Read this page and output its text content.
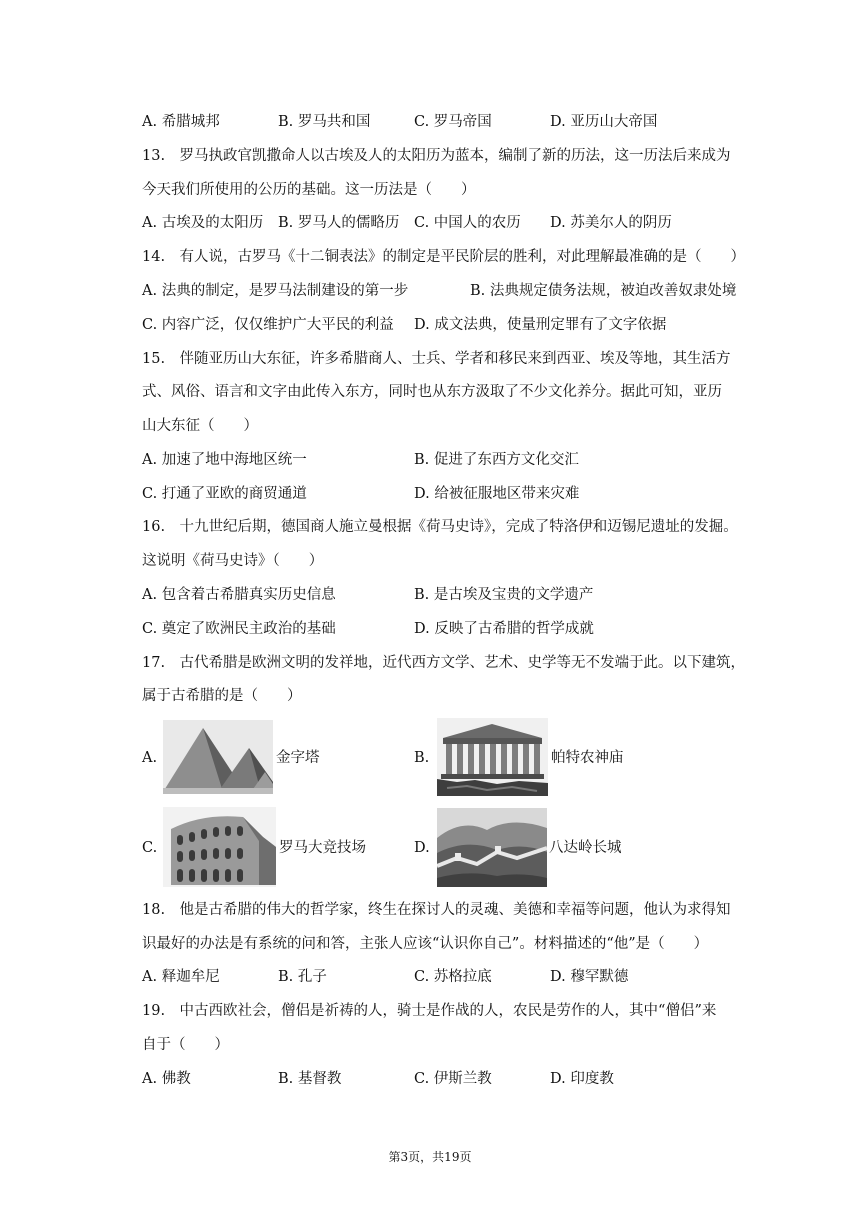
A. 希腊城邦	B. 罗马共和国	C. 罗马帝国	D. 亚历山大帝国
13.　罗马执政官凯撒命人以古埃及人的太阳历为蓝本，编制了新的历法，这一历法后来成为
今天我们所使用的公历的基础。这一历法是（　　）
A. 古埃及的太阳历 B. 罗马人的儒略历 C. 中国人的农历 D. 苏美尔人的阴历
14.　有人说，古罗马《十二铜表法》的制定是平民阶层的胜利，对此理解最准确的是（　　）
A. 法典的制定，是罗马法制建设的第一步	B. 法典规定债务法规，被迫改善奴隶处境
C. 内容广泛，仅仅维护广大平民的利益 D. 成文法典，使量刑定罪有了文字依据
15.　伴随亚历山大东征，许多希腊商人、士兵、学者和移民来到西亚、埃及等地，其生活方
式、风俗、语言和文字由此传入东方，同时也从东方汲取了不少文化养分。据此可知，亚历
山大东征（　　）
A. 加速了地中海地区统一	B. 促进了东西方文化交汇
C. 打通了亚欧的商贸通道	D. 给被征服地区带来灾难
16.　十九世纪后期，德国商人施立曼根据《荷马史诗》，完成了特洛伊和迈锡尼遗址的发掘。
这说明《荷马史诗》（　　）
A. 包含着古希腊真实历史信息	B. 是古埃及宝贵的文学遗产
C. 奠定了欧洲民主政治的基础	D. 反映了古希腊的哲学成就
17.　古代希腊是欧洲文明的发祥地，近代西方文学、艺术、史学等无不发端于此。以下建筑，
属于古希腊的是（　　）
A.	金字塔	B.	帕特农神庙
C.	罗马大竞技场	D.	八达岭长城
18.　他是古希腊的伟大的哲学家，终生在探讨人的灵魂、美德和幸福等问题，他认为求得知
识最好的办法是有系统的问和答，主张人应该“认识你自己”。材料描述的“他”是（　　）
A. 释迦牟尼	B. 孔子	C. 苏格拉底	D. 穆罕默德
19.　中古西欧社会，僧侣是祈祷的人，骑士是作战的人，农民是劳作的人，其中“僧侣”来
自于（　　）
A. 佛教	B. 基督教	C. 伊斯兰教	D. 印度教
第3页，共19页
